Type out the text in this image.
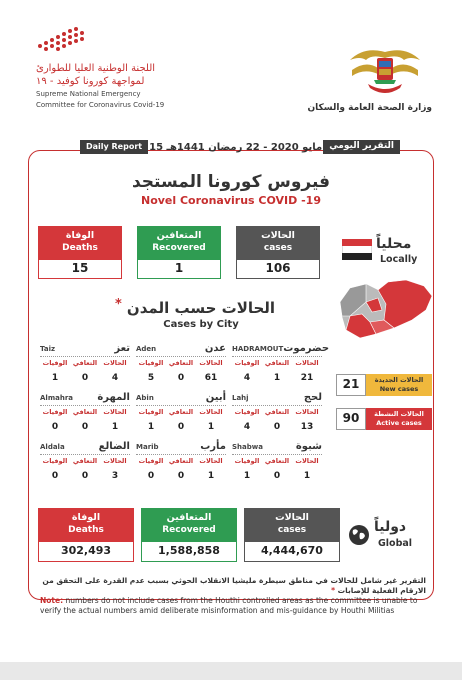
اللجنة الوطنية العليا للطوارئ
لمواجهة كورونا كوفيد - ١٩
Supreme National Emergency
Committee for Coronavirus Covid-19	وزارة الصحة العامة والسكان
Daily Report 15 مايو 2020 - 22 رمضان 1441هـ التقرير اليومي
فيروس كورونا المستجد
Novel Coronavirus COVID -19
الوفاة
Deaths
15
المتعافين
Recovered
1
الحالات
cases
106
محلياً
Locally
* الحالات حسب المدن
Cases by City
Taiz	تعز
الوفيات التعافي الحالات
1	0	4
Aden	عدن
الوفيات التعافي الحالات
5	0	61
HADRAMOUT حضرموت
الوفيات التعافي الحالات
4	1	21
Almahra المهرة
الوفيات التعافي الحالات
0	0	1
Abin	أبين
الوفيات التعافي الحالات
1	0	1
Lahj	لحج
الوفيات التعافي الحالات
4	0	13
Aldala	الضالع
الوفيات التعافي الحالات
0	0	3
Marib	مأرب
الوفيات التعافي الحالات
0	0	1
Shabwa	شبوة
الوفيات التعافي الحالات
1	0	1
21	الحالات الجديدة
New cases
90	الحالات النشطة
Active cases
الوفاة
Deaths
302,493
المتعافين
Recovered
1,588,858
الحالات
cases
4,444,670
دولياً
Global
التقرير غير شامل للحالات في مناطق سيطرة مليشيا الانقلاب الحوثي بسبب عدم القدرة على التحقق من الارقام الفعلية للإصابات *
Note: numbers do not include cases from the Houthi controlled areas as the committee is unable to verify the actual numbers amid deliberate misinformation and mis-guidance by Houthi Militias
